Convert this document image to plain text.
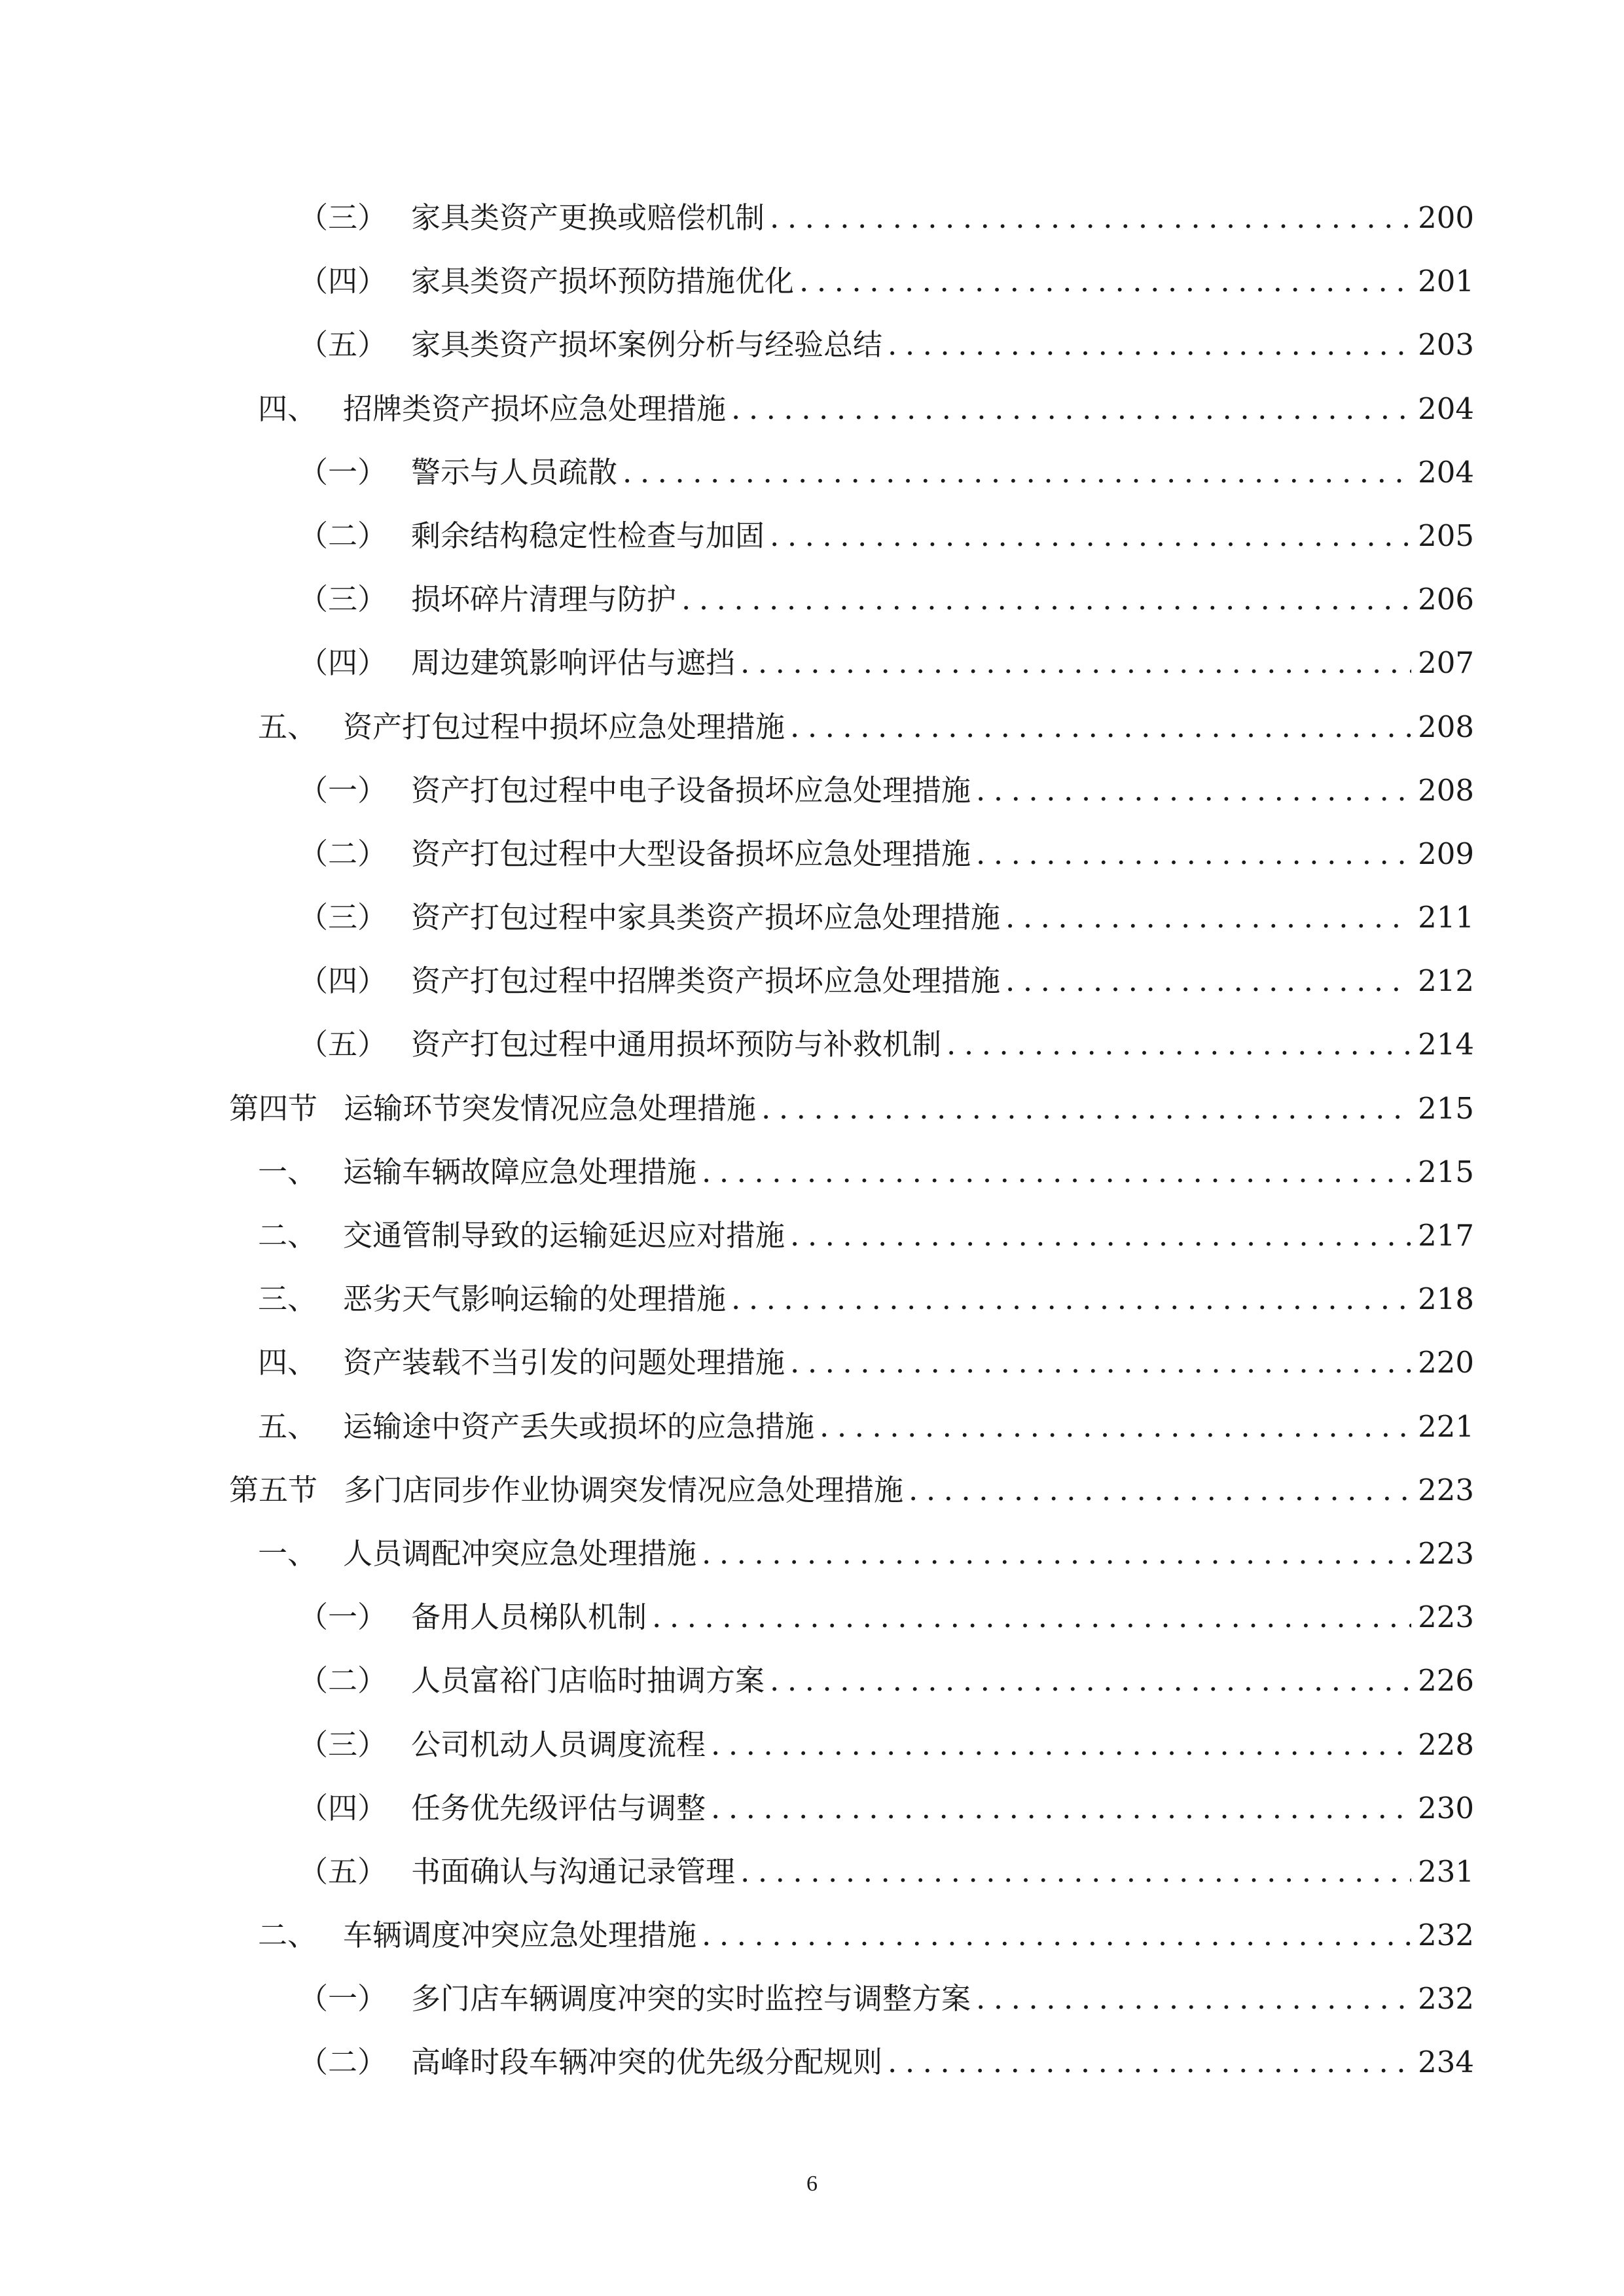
（三） 家具类资产更换或赔偿机制 .....	200
（四） 家具类资产损坏预防措施优化 .....	201
（五） 家具类资产损坏案例分析与经验总结 .....	203
四、 招牌类资产损坏应急处理措施 .....	204
（一） 警示与人员疏散 .....	204
（二） 剩余结构稳定性检查与加固 .....	205
（三） 损坏碎片清理与防护 .....	206
（四） 周边建筑影响评估与遮挡 .....	207
五、 资产打包过程中损坏应急处理措施 .....	208
（一） 资产打包过程中电子设备损坏应急处理措施 .....	208
（二） 资产打包过程中大型设备损坏应急处理措施 .....	209
（三） 资产打包过程中家具类资产损坏应急处理措施 .....	211
（四） 资产打包过程中招牌类资产损坏应急处理措施 .....	212
（五） 资产打包过程中通用损坏预防与补救机制 .....	214
第四节 运输环节突发情况应急处理措施 .....	215
一、 运输车辆故障应急处理措施 .....	215
二、 交通管制导致的运输延迟应对措施 .....	217
三、 恶劣天气影响运输的处理措施 .....	218
四、 资产装载不当引发的问题处理措施 .....	220
五、 运输途中资产丢失或损坏的应急措施 .....	221
第五节 多门店同步作业协调突发情况应急处理措施 .....	223
一、 人员调配冲突应急处理措施 .....	223
（一） 备用人员梯队机制 .....	223
（二） 人员富裕门店临时抽调方案 .....	226
（三） 公司机动人员调度流程 .....	228
（四） 任务优先级评估与调整 .....	230
（五） 书面确认与沟通记录管理 .....	231
二、 车辆调度冲突应急处理措施 .....	232
（一） 多门店车辆调度冲突的实时监控与调整方案 .....	232
（二） 高峰时段车辆冲突的优先级分配规则 .....	234
6
